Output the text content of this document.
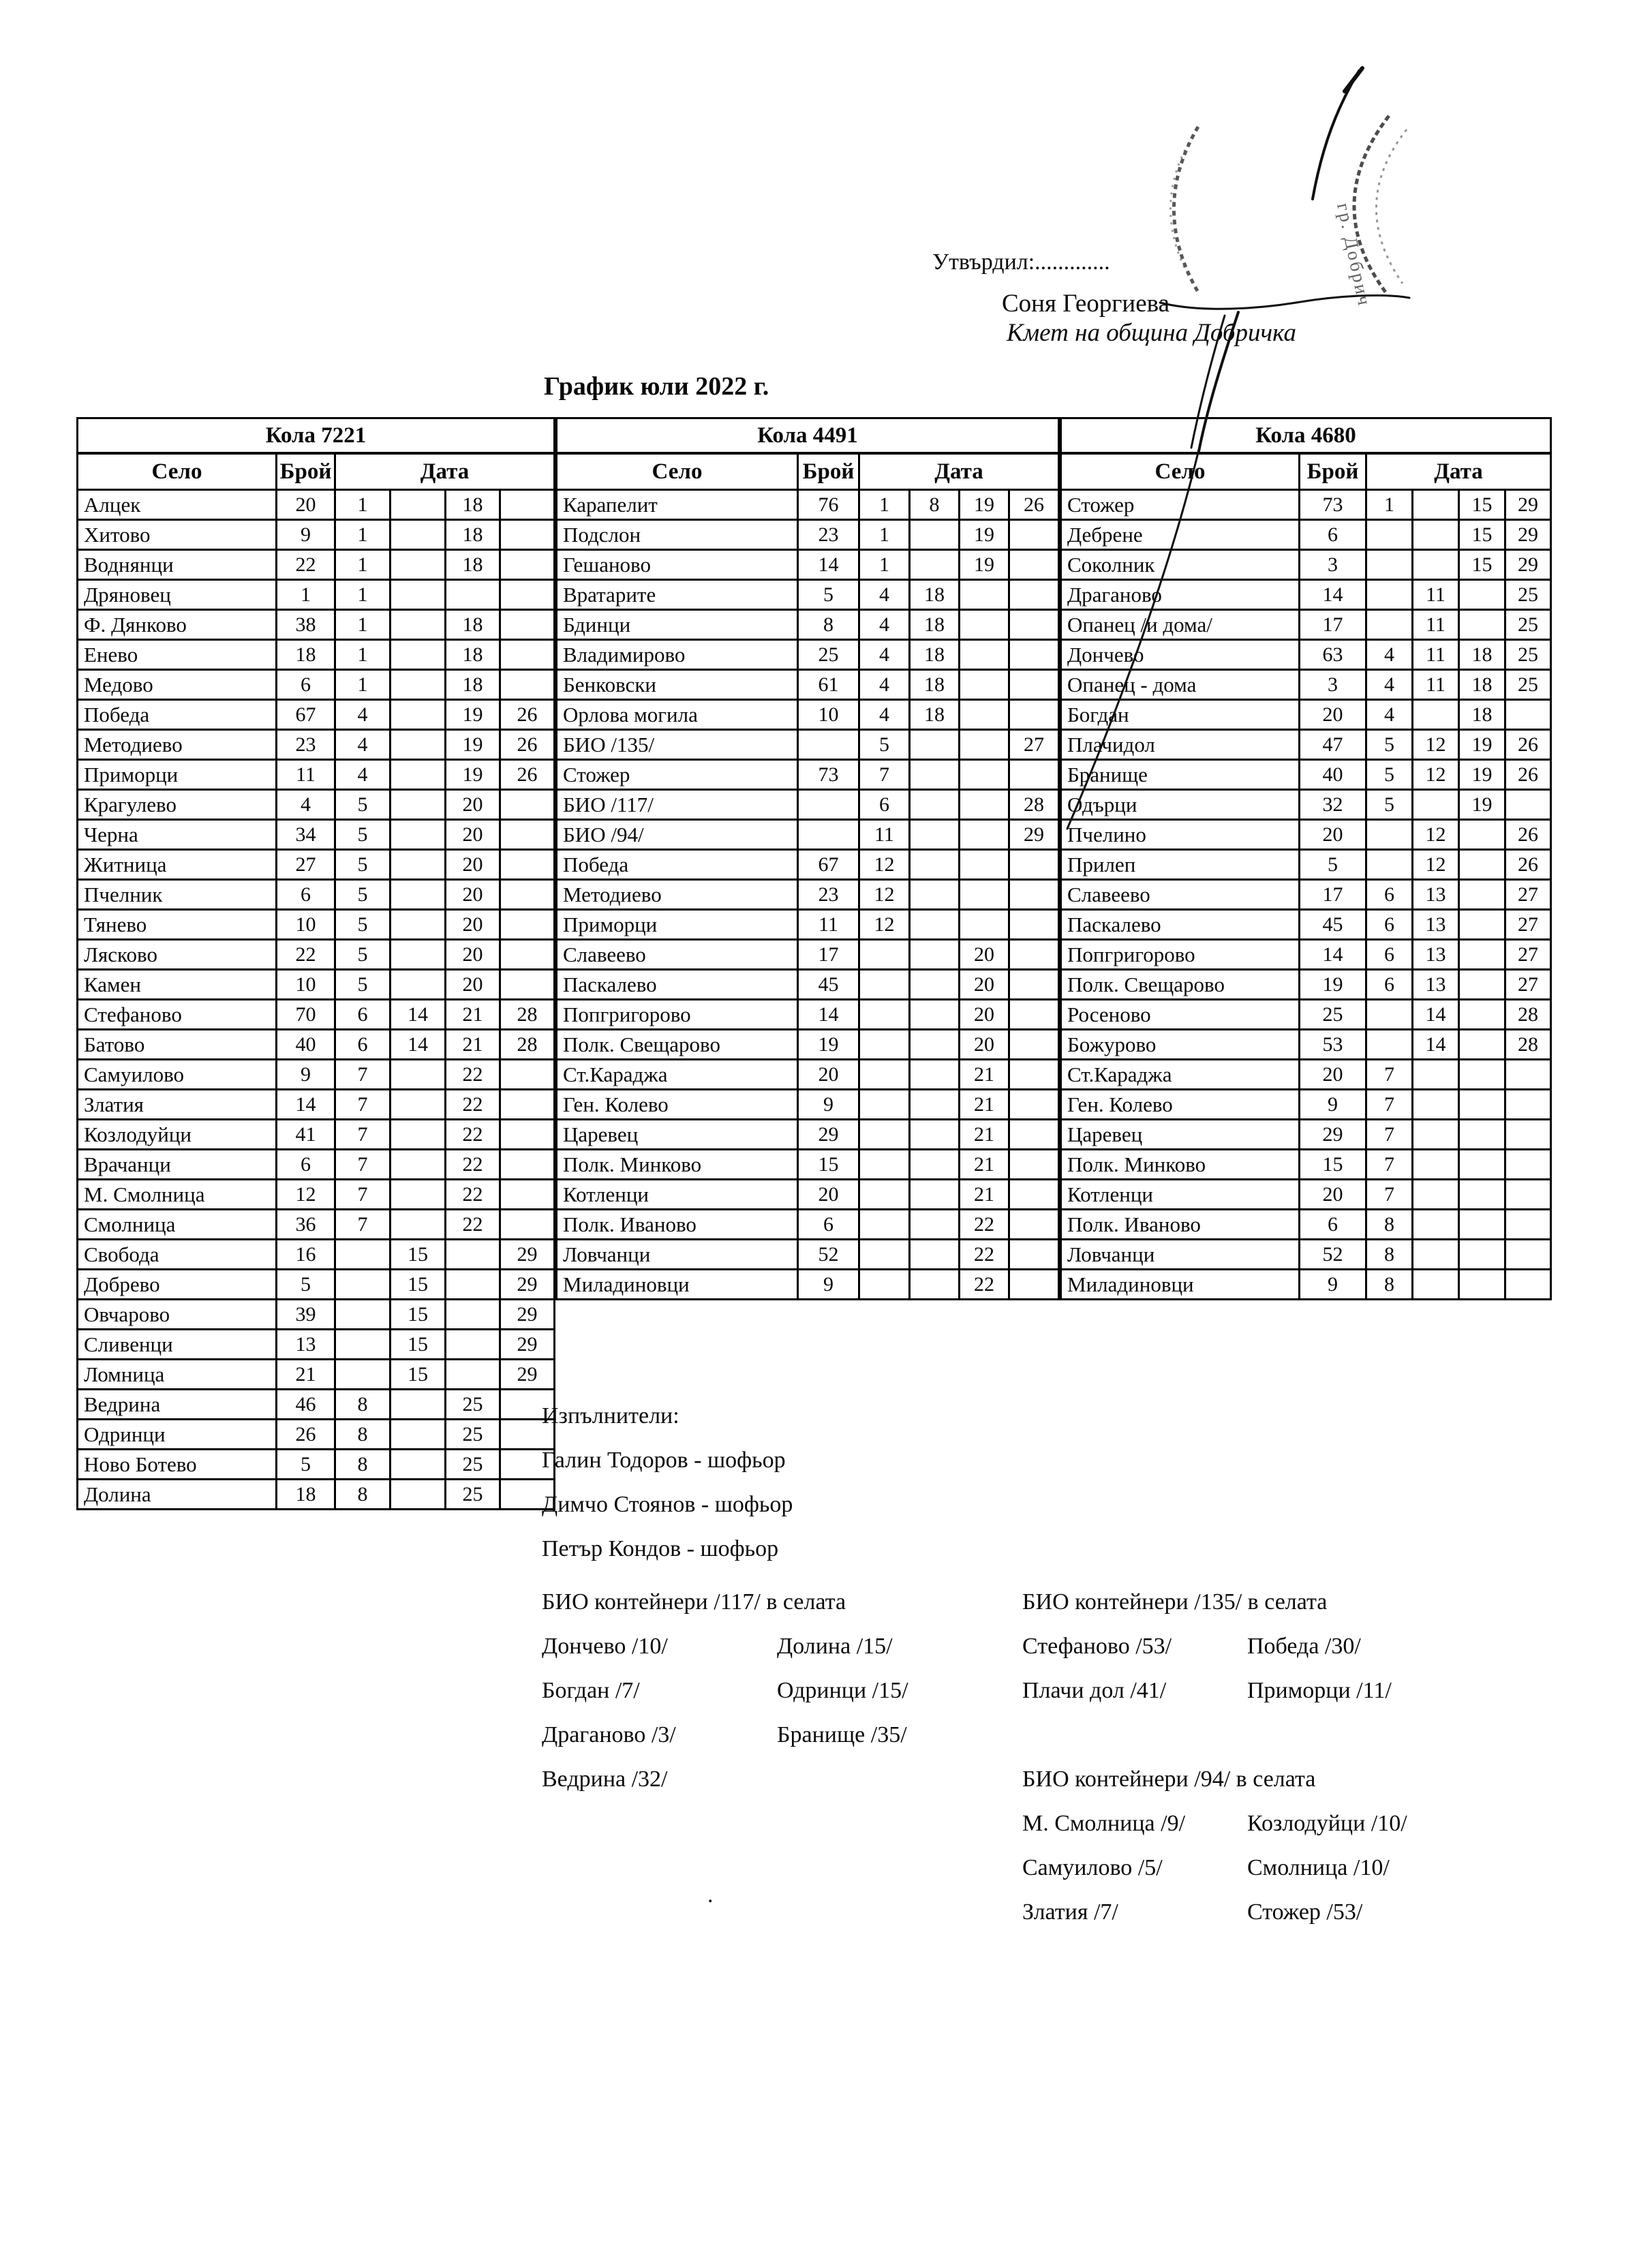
Утвърдил:.............
Соня Георгиева
Кмет на община Добричка
График юли 2022 г.
Кола 7221					
Село	Брой	Дата			
Алцек	20	1		18	
Хитово	9	1		18	
Воднянци	22	1		18	
Дряновец	1	1			
Ф. Дянково	38	1		18	
Енево	18	1		18	
Медово	6	1		18	
Победа	67	4		19	26
Методиево	23	4		19	26
Приморци	11	4		19	26
Крагулево	4	5		20	
Черна	34	5		20	
Житница	27	5		20	
Пчелник	6	5		20	
Тянево	10	5		20	
Лясково	22	5		20	
Камен	10	5		20	
Стефаново	70	6	14	21	28
Батово	40	6	14	21	28
Самуилово	9	7		22	
Златия	14	7		22	
Козлодуйци	41	7		22	
Врачанци	6	7		22	
М. Смолница	12	7		22	
Смолница	36	7		22	
Свобода	16		15		29
Добрево	5		15		29
Овчарово	39		15		29
Сливенци	13		15		29
Ломница	21		15		29
Ведрина	46	8		25	
Одринци	26	8		25	
Ново Ботево	5	8		25	
Долина	18	8		25	
Кола 4491					
Село	Брой	Дата			
Карапелит	76	1	8	19	26
Подслон	23	1		19	
Гешаново	14	1		19	
Вратарите	5	4	18		
Бдинци	8	4	18		
Владимирово	25	4	18		
Бенковски	61	4	18		
Орлова могила	10	4	18		
БИО /135/		5			27
Стожер	73	7			
БИО /117/		6			28
БИО /94/		11			29
Победа	67	12			
Методиево	23	12			
Приморци	11	12			
Славеево	17			20	
Паскалево	45			20	
Попгригорово	14			20	
Полк. Свещарово	19			20	
Ст.Караджа	20			21	
Ген. Колево	9			21	
Царевец	29			21	
Полк. Минково	15			21	
Котленци	20			21	
Полк. Иваново	6			22	
Ловчанци	52			22	
Миладиновци	9			22	
Кола 4680					
Село	Брой	Дата			
Стожер	73	1		15	29
Дебрене	6			15	29
Соколник	3			15	29
Драганово	14		11		25
Опанец /и дома/	17		11		25
Дончево	63	4	11	18	25
Опанец - дома	3	4	11	18	25
Богдан	20	4		18	
Плачидол	47	5	12	19	26
Бранище	40	5	12	19	26
Одърци	32	5		19	
Пчелино	20		12		26
Прилеп	5		12		26
Славеево	17	6	13		27
Паскалево	45	6	13		27
Попгригорово	14	6	13		27
Полк. Свещарово	19	6	13		27
Росеново	25		14		28
Божурово	53		14		28
Ст.Караджа	20	7			
Ген. Колево	9	7			
Царевец	29	7			
Полк. Минково	15	7			
Котленци	20	7			
Полк. Иваново	6	8			
Ловчанци	52	8			
Миладиновци	9	8			
Изпълнители:
Галин Тодоров - шофьор
Димчо Стоянов - шофьор
Петър Кондов - шофьор
БИО контейнери /117/ в селата
Дончево /10/	Долина /15/
Богдан /7/	Одринци /15/
Драганово /3/	Бранище /35/
Ведрина /32/
БИО контейнери /135/ в селата
Стефаново /53/	Победа /30/
Плачи дол /41/	Приморци /11/
БИО контейнери /94/ в селата
М. Смолница /9/	Козлодуйци /10/
Самуилово /5/	Смолница /10/
Златия /7/	Стожер /53/
.
гр. Добрич
